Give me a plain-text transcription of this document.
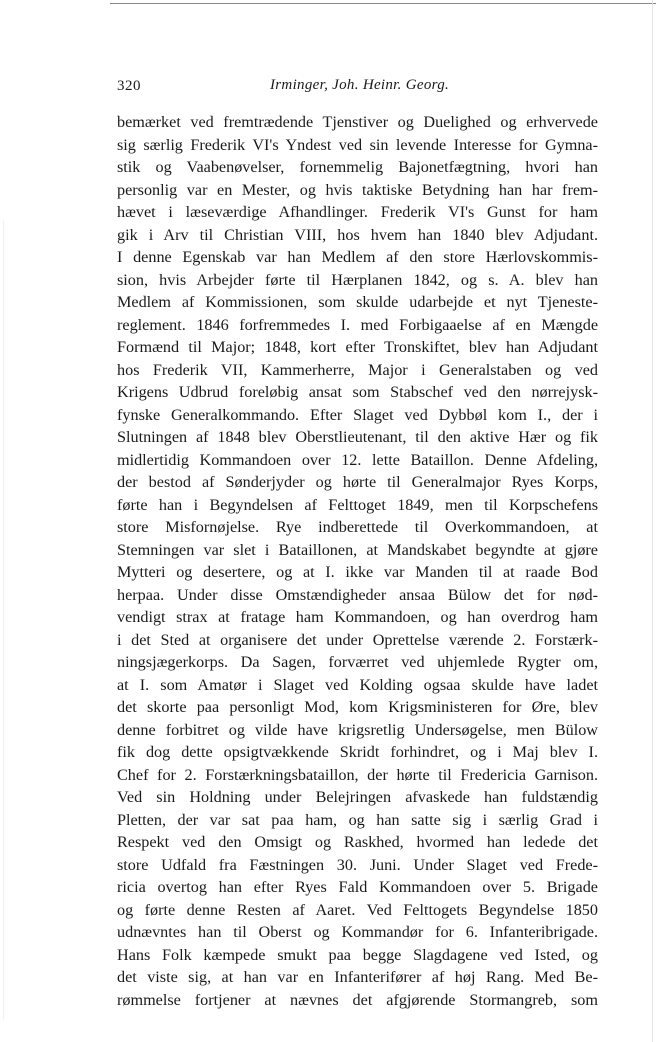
320	Irminger, Joh. Heinr. Georg.
bemærket ved fremtrædende Tjenstiver og Duelighed og erhvervede
sig særlig Frederik VI's Yndest ved sin levende Interesse for Gymna-
stik og Vaabenøvelser, fornemmelig Bajonetfægtning, hvori han
personlig var en Mester, og hvis taktiske Betydning han har frem-
hævet i læseværdige Afhandlinger. Frederik VI's Gunst for ham
gik i Arv til Christian VIII, hos hvem han 1840 blev Adjudant.
I denne Egenskab var han Medlem af den store Hærlovskommis-
sion, hvis Arbejder førte til Hærplanen 1842, og s. A. blev han
Medlem af Kommissionen, som skulde udarbejde et nyt Tjeneste-
reglement. 1846 forfremmedes I. med Forbigaaelse af en Mængde
Formænd til Major; 1848, kort efter Tronskiftet, blev han Adjudant
hos Frederik VII, Kammerherre, Major i Generalstaben og ved
Krigens Udbrud foreløbig ansat som Stabschef ved den nørrejysk-
fynske Generalkommando. Efter Slaget ved Dybbøl kom I., der i
Slutningen af 1848 blev Oberstlieutenant, til den aktive Hær og fik
midlertidig Kommandoen over 12. lette Bataillon. Denne Afdeling,
der bestod af Sønderjyder og hørte til Generalmajor Ryes Korps,
førte han i Begyndelsen af Felttoget 1849, men til Korpschefens
store Misfornøjelse. Rye indberettede til Overkommandoen, at
Stemningen var slet i Bataillonen, at Mandskabet begyndte at gjøre
Mytteri og desertere, og at I. ikke var Manden til at raade Bod
herpaa. Under disse Omstændigheder ansaa Bülow det for nød-
vendigt strax at fratage ham Kommandoen, og han overdrog ham
i det Sted at organisere det under Oprettelse værende 2. Forstærk-
ningsjægerkorps. Da Sagen, forværret ved uhjemlede Rygter om,
at I. som Amatør i Slaget ved Kolding ogsaa skulde have ladet
det skorte paa personligt Mod, kom Krigsministeren for Øre, blev
denne forbitret og vilde have krigsretlig Undersøgelse, men Bülow
fik dog dette opsigtvækkende Skridt forhindret, og i Maj blev I.
Chef for 2. Forstærkningsbataillon, der hørte til Fredericia Garnison.
Ved sin Holdning under Belejringen afvaskede han fuldstændig
Pletten, der var sat paa ham, og han satte sig i særlig Grad i
Respekt ved den Omsigt og Raskhed, hvormed han ledede det
store Udfald fra Fæstningen 30. Juni. Under Slaget ved Frede-
ricia overtog han efter Ryes Fald Kommandoen over 5. Brigade
og førte denne Resten af Aaret. Ved Felttogets Begyndelse 1850
udnævntes han til Oberst og Kommandør for 6. Infanteribrigade.
Hans Folk kæmpede smukt paa begge Slagdagene ved Isted, og
det viste sig, at han var en Infanterifører af høj Rang. Med Be-
rømmelse fortjener at nævnes det afgjørende Stormangreb, som
